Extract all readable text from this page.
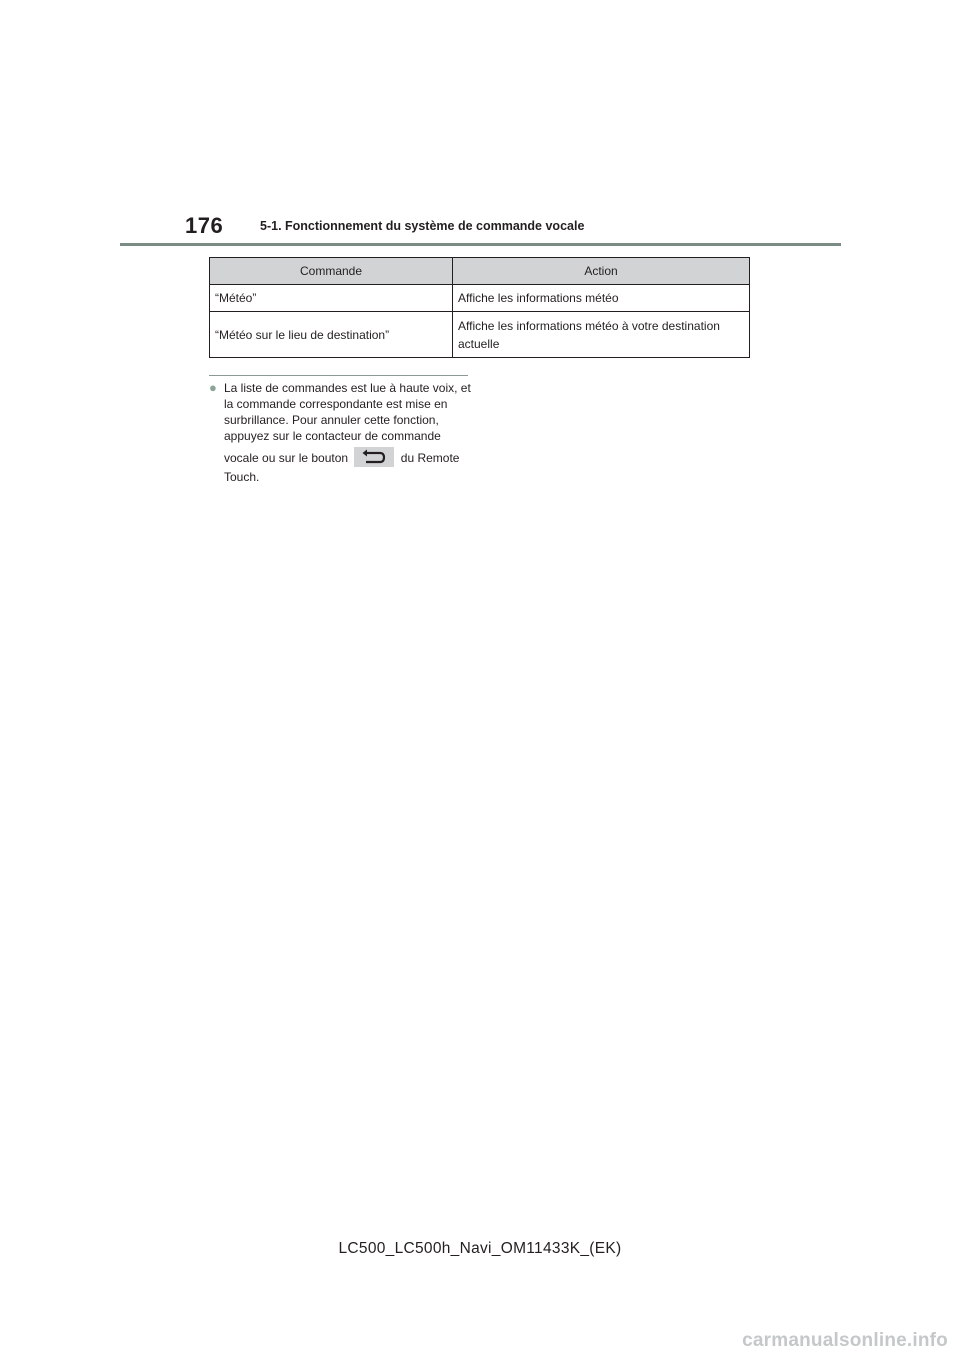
176	5-1. Fonctionnement du système de commande vocale
Commande	Action
“Météo”	Affiche les informations météo
“Météo sur le lieu de destination”	Affiche les informations météo à votre destination
actuelle
● La liste de commandes est lue à haute voix, et
la commande correspondante est mise en
surbrillance. Pour annuler cette fonction,
appuyez sur le contacteur de commande
vocale ou sur le bouton	du Remote
Touch.
LC500_LC500h_Navi_OM11433K_(EK)
carmanualsonline.info
